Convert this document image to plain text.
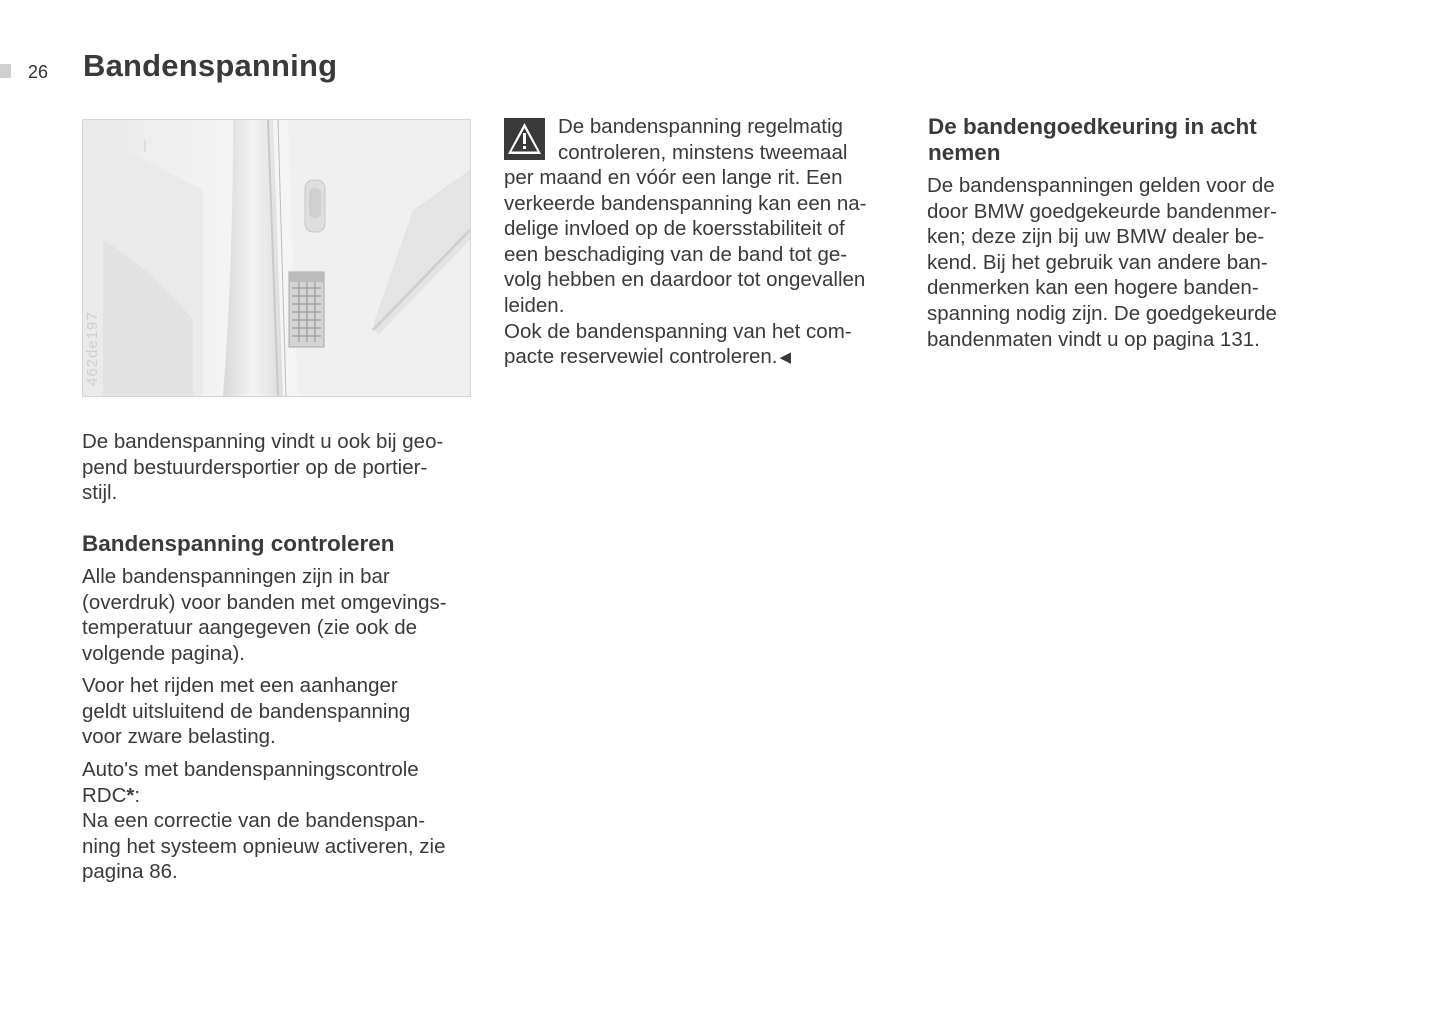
26 Bandenspanning
462de197

De bandenspanning vindt u ook bij geo-
pend bestuurdersportier op de portier-
stijl.

Bandenspanning controleren

Alle bandenspanningen zijn in bar
(overdruk) voor banden met omgevings-
temperatuur aangegeven (zie ook de
volgende pagina).

Voor het rijden met een aanhanger
geldt uitsluitend de bandenspanning
voor zware belasting.

Auto's met bandenspanningscontrole
RDC*:
Na een correctie van de bandenspan-
ning het systeem opnieuw activeren, zie
pagina 86.

De bandenspanning regelmatig
controleren, minstens tweemaal

per maand en vóór een lange rit. Een
verkeerde bandenspanning kan een na-
delige invloed op de koersstabiliteit of
een beschadiging van de band tot ge-
volg hebben en daardoor tot ongevallen
leiden.
Ook de bandenspanning van het com-
pacte reservewiel controleren. ◀

De bandengoedkeuring in acht
nemen

De bandenspanningen gelden voor de
door BMW goedgekeurde bandenmer-
ken; deze zijn bij uw BMW dealer be-
kend. Bij het gebruik van andere ban-
denmerken kan een hogere banden-
spanning nodig zijn. De goedgekeurde
bandenmaten vindt u op pagina 131.
